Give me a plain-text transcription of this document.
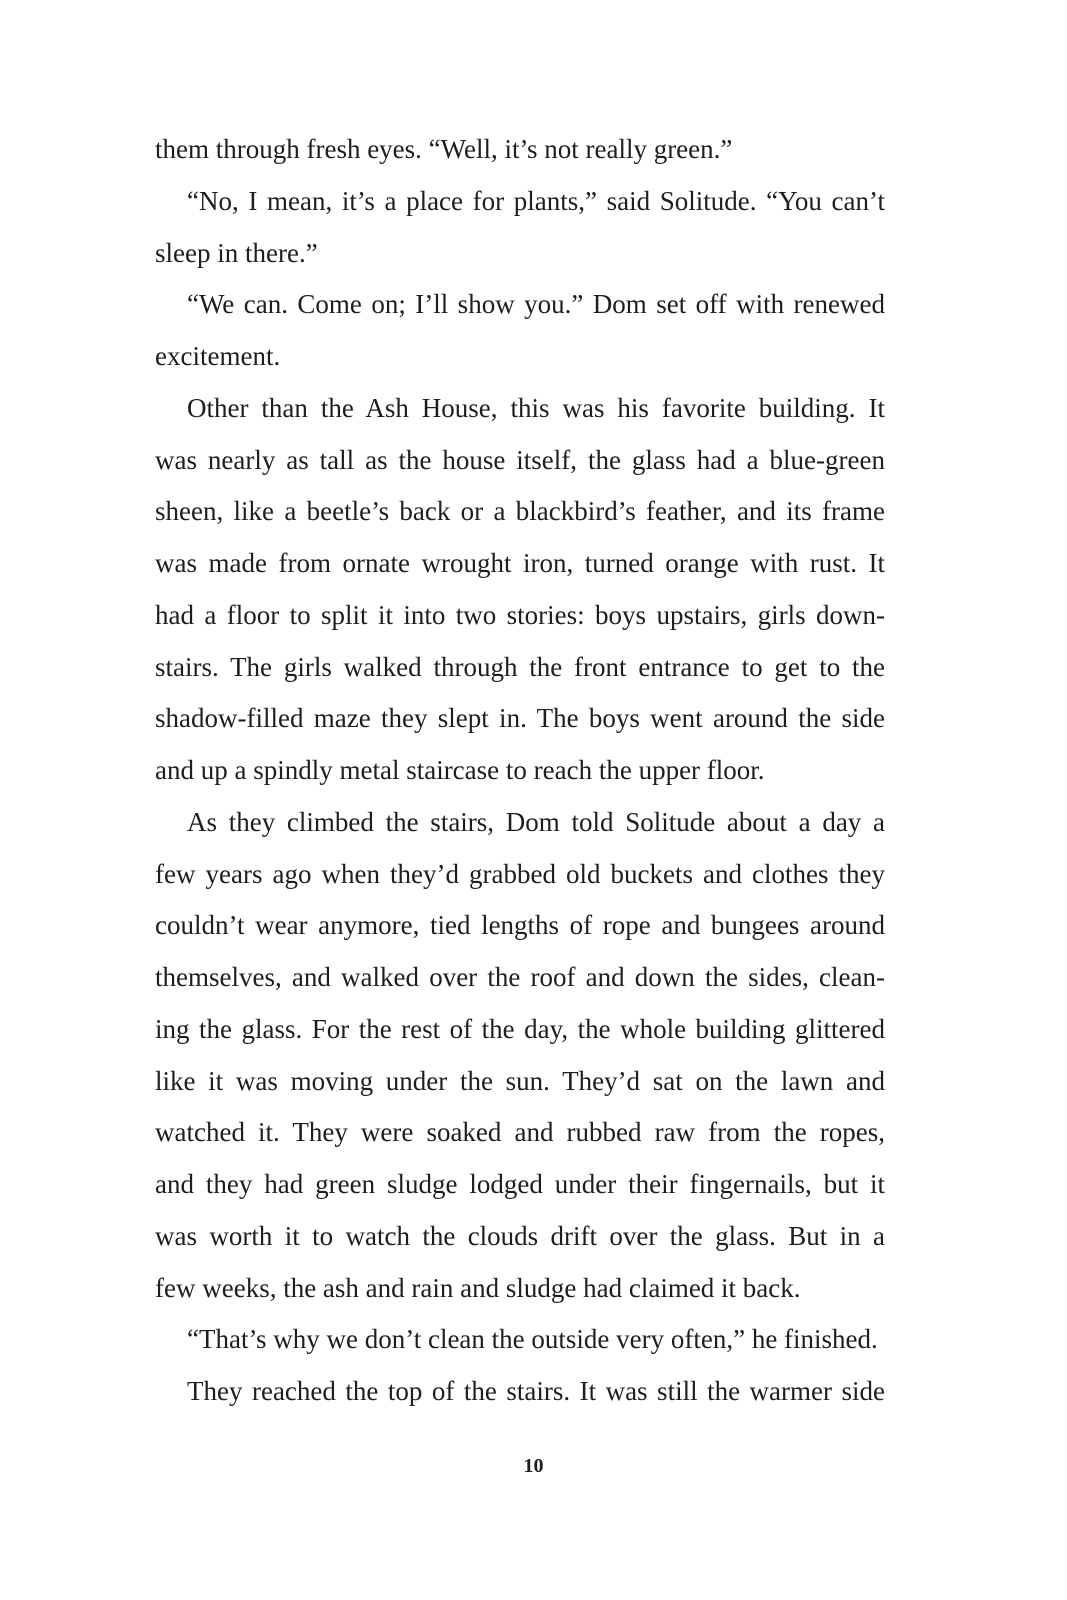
them through fresh eyes. “Well, it’s not really green.”
“No, I mean, it’s a place for plants,” said Solitude. “You can’t
sleep in there.”
“We can. Come on; I’ll show you.” Dom set off with renewed
excitement.
Other than the Ash House, this was his favorite building. It
was nearly as tall as the house itself, the glass had a blue-green
sheen, like a beetle’s back or a blackbird’s feather, and its frame
was made from ornate wrought iron, turned orange with rust. It
had a floor to split it into two stories: boys upstairs, girls down-
stairs. The girls walked through the front entrance to get to the
shadow-filled maze they slept in. The boys went around the side
and up a spindly metal staircase to reach the upper floor.
As they climbed the stairs, Dom told Solitude about a day a
few years ago when they’d grabbed old buckets and clothes they
couldn’t wear anymore, tied lengths of rope and bungees around
themselves, and walked over the roof and down the sides, clean-
ing the glass. For the rest of the day, the whole building glittered
like it was moving under the sun. They’d sat on the lawn and
watched it. They were soaked and rubbed raw from the ropes,
and they had green sludge lodged under their fingernails, but it
was worth it to watch the clouds drift over the glass. But in a
few weeks, the ash and rain and sludge had claimed it back.
“That’s why we don’t clean the outside very often,” he finished.
They reached the top of the stairs. It was still the warmer side
10
